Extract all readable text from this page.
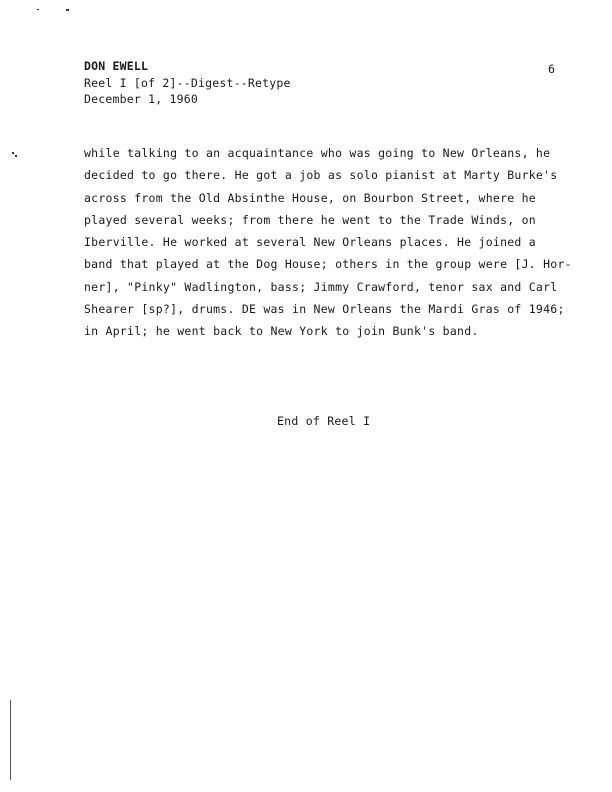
DON EWELL
Reel I [of 2]--Digest--Retype
December 1, 1960
6
while talking to an acquaintance who was going to New Orleans, he
decided to go there. He got a job as solo pianist at Marty Burke's
across from the Old Absinthe House, on Bourbon Street, where he
played several weeks; from there he went to the Trade Winds, on
Iberville. He worked at several New Orleans places. He joined a
band that played at the Dog House; others in the group were [J. Hor-
ner], "Pinky" Wadlington, bass; Jimmy Crawford, tenor sax and Carl
Shearer [sp?], drums. DE was in New Orleans the Mardi Gras of 1946;
in April; he went back to New York to join Bunk's band.
End of Reel I
